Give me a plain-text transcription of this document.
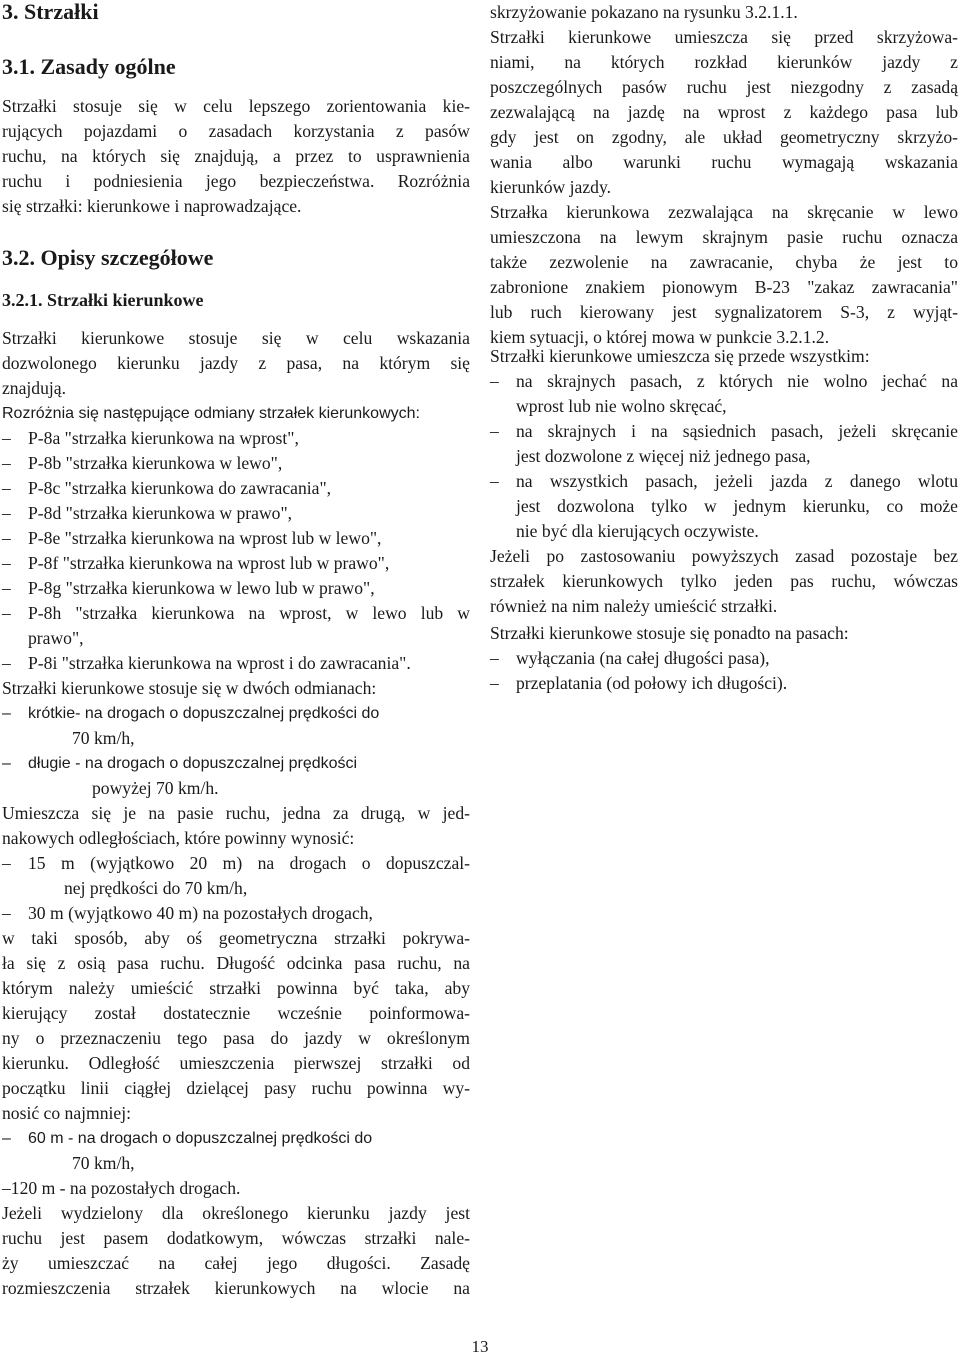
3. Strzałki
3.1. Zasady ogólne
Strzałki stosuje się w celu lepszego zorientowania kie-
rujących pojazdami o zasadach korzystania z pasów
ruchu, na których się znajdują, a przez to usprawnienia
ruchu i podniesienia jego bezpieczeństwa. Rozróżnia
się strzałki: kierunkowe i naprowadzające.
3.2. Opisy szczegółowe
3.2.1. Strzałki kierunkowe
Strzałki kierunkowe stosuje się w celu wskazania
dozwolonego kierunku jazdy z pasa, na którym się
znajdują.
Rozróżnia się następujące odmiany strzałek kierunkowych:
– P-8a "strzałka kierunkowa na wprost",
– P-8b "strzałka kierunkowa w lewo",
– P-8c "strzałka kierunkowa do zawracania",
– P-8d "strzałka kierunkowa w prawo",
– P-8e "strzałka kierunkowa na wprost lub w lewo",
– P-8f "strzałka kierunkowa na wprost lub w prawo",
– P-8g "strzałka kierunkowa w lewo lub w prawo",
– P-8h "strzałka kierunkowa na wprost, w lewo lub w
prawo",
– P-8i "strzałka kierunkowa na wprost i do zawracania".
Strzałki kierunkowe stosuje się w dwóch odmianach:
– krótkie- na drogach o dopuszczalnej prędkości do
70 km/h,
– długie - na drogach o dopuszczalnej prędkości
powyżej 70 km/h.
Umieszcza się je na pasie ruchu, jedna za drugą, w jed-
nakowych odległościach, które powinny wynosić:
– 15 m (wyjątkowo 20 m) na drogach o dopuszczal-
nej prędkości do 70 km/h,
– 30 m (wyjątkowo 40 m) na pozostałych drogach,
w taki sposób, aby oś geometryczna strzałki pokrywa-
ła się z osią pasa ruchu. Długość odcinka pasa ruchu, na
którym należy umieścić strzałki powinna być taka, aby
kierujący został dostatecznie wcześnie poinformowa-
ny o przeznaczeniu tego pasa do jazdy w określonym
kierunku. Odległość umieszczenia pierwszej strzałki od
początku linii ciągłej dzielącej pasy ruchu powinna wy-
nosić co najmniej:
– 60 m - na drogach o dopuszczalnej prędkości do
70 km/h,
–120 m - na pozostałych drogach.
Jeżeli wydzielony dla określonego kierunku jazdy jest
ruchu jest pasem dodatkowym, wówczas strzałki nale-
ży umieszczać na całej jego długości. Zasadę
rozmieszczenia strzałek kierunkowych na wlocie na
skrzyżowanie pokazano na rysunku 3.2.1.1.
Strzałki kierunkowe umieszcza się przed skrzyżowa-
niami, na których rozkład kierunków jazdy z
poszczególnych pasów ruchu jest niezgodny z zasadą
zezwalającą na jazdę na wprost z każdego pasa lub
gdy jest on zgodny, ale układ geometryczny skrzyżo-
wania albo warunki ruchu wymagają wskazania
kierunków jazdy.
Strzałka kierunkowa zezwalająca na skręcanie w lewo
umieszczona na lewym skrajnym pasie ruchu oznacza
także zezwolenie na zawracanie, chyba że jest to
zabronione znakiem pionowym B-23 "zakaz zawracania"
lub ruch kierowany jest sygnalizatorem S-3, z wyjąt-
kiem sytuacji, o której mowa w punkcie 3.2.1.2.
Strzałki kierunkowe umieszcza się przede wszystkim:
– na skrajnych pasach, z których nie wolno jechać na
wprost lub nie wolno skręcać,
– na skrajnych i na sąsiednich pasach, jeżeli skręcanie
jest dozwolone z więcej niż jednego pasa,
– na wszystkich pasach, jeżeli jazda z danego wlotu
jest dozwolona tylko w jednym kierunku, co może
nie być dla kierujących oczywiste.
Jeżeli po zastosowaniu powyższych zasad pozostaje bez
strzałek kierunkowych tylko jeden pas ruchu, wówczas
również na nim należy umieścić strzałki.
Strzałki kierunkowe stosuje się ponadto na pasach:
– wyłączania (na całej długości pasa),
– przeplatania (od połowy ich długości).
13
